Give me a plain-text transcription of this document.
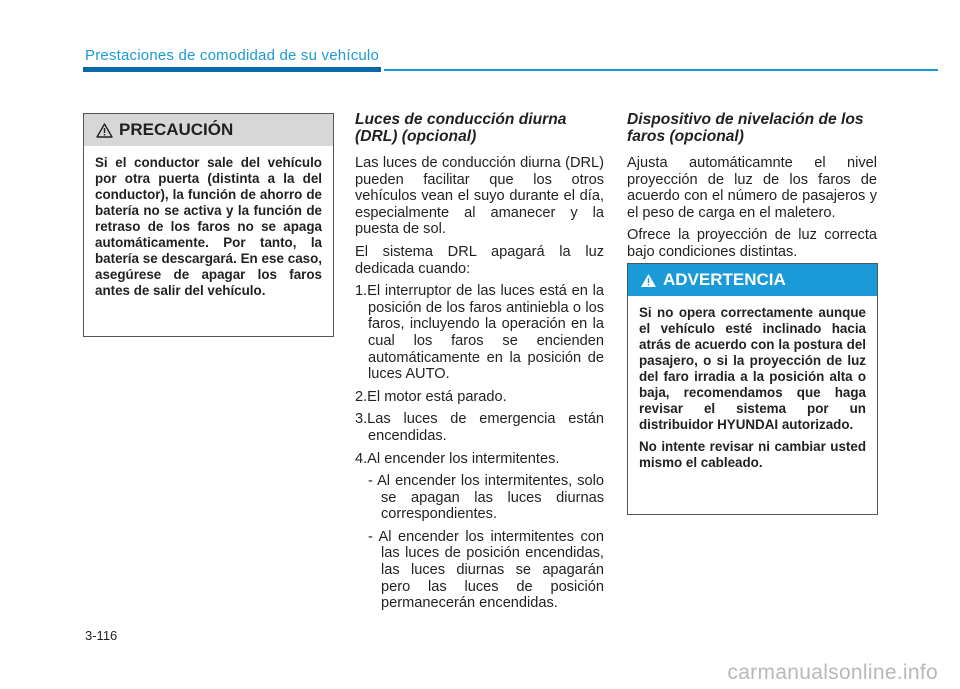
Prestaciones de comodidad de su vehículo
PRECAUCIÓN

Si el conductor sale del vehículo por otra puerta (distinta a la del conductor), la función de ahorro de batería no se activa y la función de retraso de los faros no se apaga automáticamente. Por tanto, la batería se descargará. En ese caso, asegúrese de apagar los faros antes de salir del vehículo.

Luces de conducción diurna (DRL) (opcional)

Las luces de conducción diurna (DRL) pueden facilitar que los otros vehículos vean el suyo durante el día, especialmente al amanecer y la puesta de sol.

El sistema DRL apagará la luz dedicada cuando:

1.El interruptor de las luces está en la posición de los faros antiniebla o los faros, incluyendo la operación en la cual los faros se encienden automáticamente en la posición de luces AUTO.
2.El motor está parado.
3.Las luces de emergencia están encendidas.
4.Al encender los intermitentes.
- Al encender los intermitentes, solo se apagan las luces diurnas correspondientes.
- Al encender los intermitentes con las luces de posición encendidas, las luces diurnas se apagarán pero las luces de posición permanecerán encendidas.
Dispositivo de nivelación de los faros (opcional)

Ajusta automáticamnte el nivel proyección de luz de los faros de acuerdo con el número de pasajeros y el peso de carga en el maletero.

Ofrece la proyección de luz correcta bajo condiciones distintas.

ADVERTENCIA

Si no opera correctamente aunque el vehículo esté inclinado hacia atrás de acuerdo con la postura del pasajero, o si la proyección de luz del faro irradia a la posición alta o baja, recomendamos que haga revisar el sistema por un distribuidor HYUNDAI autorizado.

No intente revisar ni cambiar usted mismo el cableado.

3-116
carmanualsonline.info
